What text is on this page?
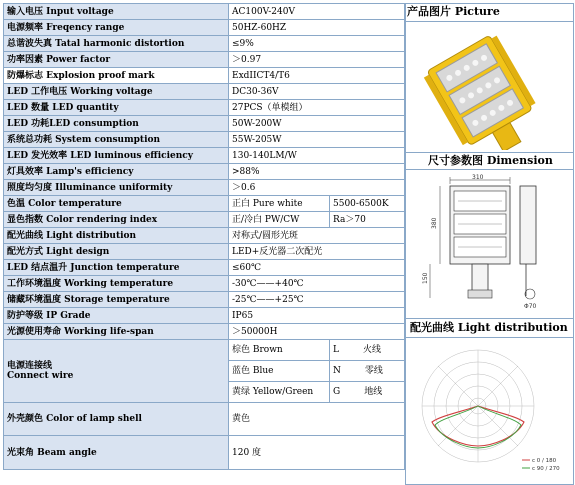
输入电压 Input voltage	AC100V-240V	
电源频率 Freqency range	50HZ-60HZ	
总谐波失真 Tatal harmonic distortion	≤9%	
功率因素 Power factor	＞0.97	
防爆标志 Explosion proof mark	ExdIICT4/T6	
LED 工作电压 Working voltage	DC30-36V	
LED 数量 LED quantity	27PCS（单模组）	
LED 功耗LED consumption	50W-200W	
系统总功耗 System consumption	55W-205W	
LED 发光效率 LED luminous efficiency	130-140LM/W	
灯具效率 Lamp's efficiency	>88%	
照度均匀度 Illuminance uniformity	＞0.6	
色温 Color temperature	正白 Pure white	5500-6500K
显色指数 Color rendering index	正/冷白 PW/CW	Ra＞70
配光曲线 Light distribution	对称式/圆形光斑	
配光方式 Light design	LED+反光器二次配光	
LED 结点温升 Junction temperature	≤60℃	
工作环境温度 Working temperature	-30℃——+40℃	
储藏环境温度 Storage temperature	-25℃——+25℃	
防护等级 IP Grade	IP65	
光源使用寿命 Working life-span	＞50000H	

电源连接线
Connect wire	棕色 Brown	L 火线
	蓝色 Blue	N 零线
	黄绿 Yellow/Green	G 地线
外壳颜色 Color of lamp shell	黄色	
光束角 Beam angle	120 度	
产品图片 Picture
尺寸参数图 Dimension
配光曲线 Light distribution
310
380
150
Φ70
c 0 / 180
c 90 / 270
